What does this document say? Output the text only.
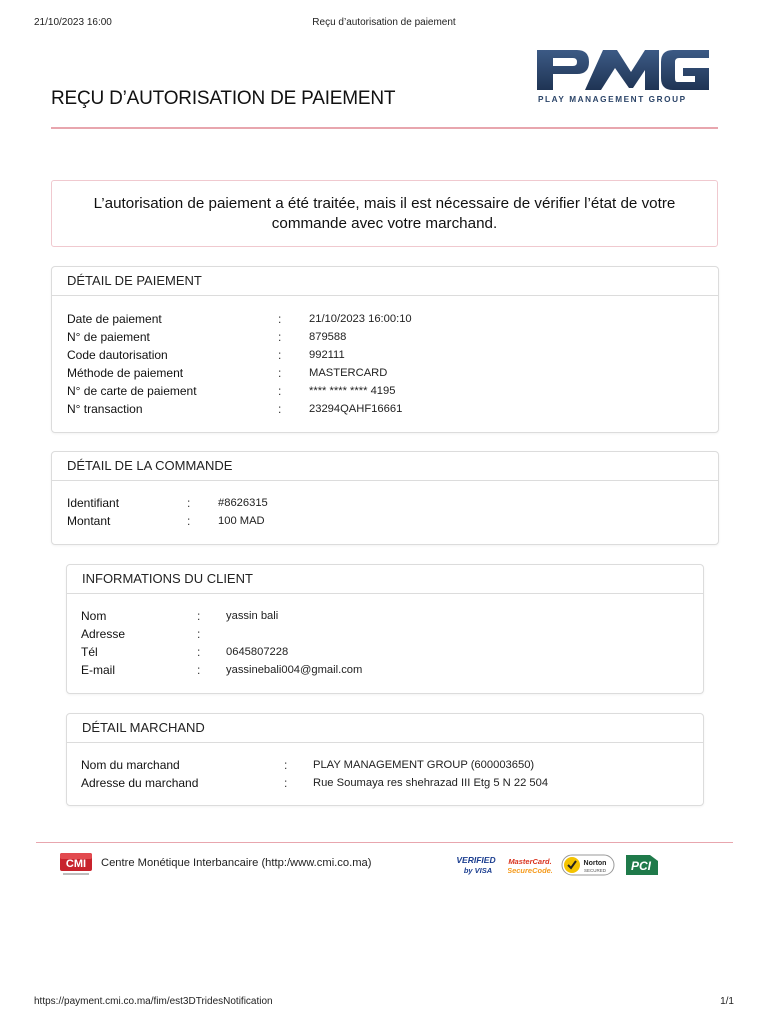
21/10/2023 16:00	Reçu d’autorisation de paiement
REÇU D’AUTORISATION DE PAIEMENT	PLAY MANAGEMENT GROUP
L’autorisation de paiement a été traitée, mais il est nécessaire de vérifier l’état de votre commande avec votre marchand.
DÉTAIL DE PAIEMENT
Date de paiement	: 21/10/2023 16:00:10
N° de paiement	: 879588
Code dautorisation	: 992111
Méthode de paiement	: MASTERCARD
N° de carte de paiement	: **** **** **** 4195
N° transaction	: 23294QAHF16661
DÉTAIL DE LA COMMANDE
Identifiant	: #8626315
Montant	: 100 MAD
INFORMATIONS DU CLIENT
Nom	: yassin bali
Adresse	:
Tél	: 0645807228
E-mail	: yassinebali004@gmail.com
DÉTAIL MARCHAND
Nom du marchand	: PLAY MANAGEMENT GROUP (600003650)
Adresse du marchand	: Rue Soumaya res shehrazad III Etg 5 N 22 504
CMI Centre Monétique Interbancaire (http:/www.cmi.co.ma)	VERIFIED
by VISA
MasterCard.
SecureCode.
Norton
SECURED PCI
https://payment.cmi.co.ma/fim/est3DTridesNotification	1/1
